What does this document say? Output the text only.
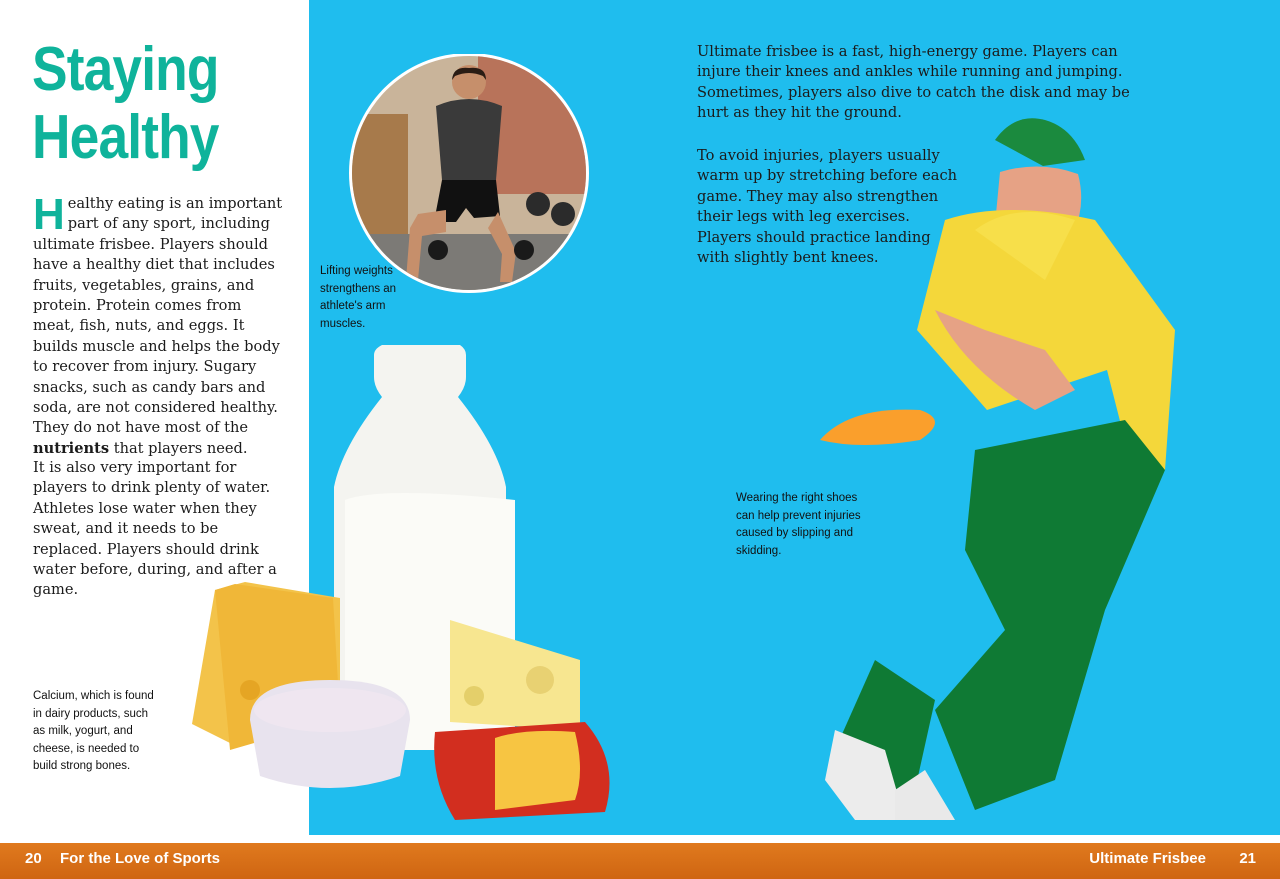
Staying
Healthy

Healthy eating is an important part of any sport, including ultimate frisbee. Players should have a healthy diet that includes fruits, vegetables, grains, and protein. Protein comes from meat, fish, nuts, and eggs. It builds muscle and helps the body to recover from injury. Sugary snacks, such as candy bars and soda, are not considered healthy. They do not have most of the nutrients that players need.

It is also very important for players to drink plenty of water. Athletes lose water when they sweat, and it needs to be replaced. Players should drink water before, during, and after a game.

Calcium, which is found in dairy products, such as milk, yogurt, and cheese, is needed to build strong bones.

Lifting weights strengthens an athlete's arm muscles.

Ultimate frisbee is a fast, high-energy game. Players can injure their knees and ankles while running and jumping. Sometimes, players also dive to catch the disk and may be hurt as they hit the ground.

To avoid injuries, players usually warm up by stretching before each game. They may also strengthen their legs with leg exercises. Players should practice landing with slightly bent knees.

Wearing the right shoes can help prevent injuries caused by slipping and skidding.

20 For the Love of Sports	Ultimate Frisbee 21
